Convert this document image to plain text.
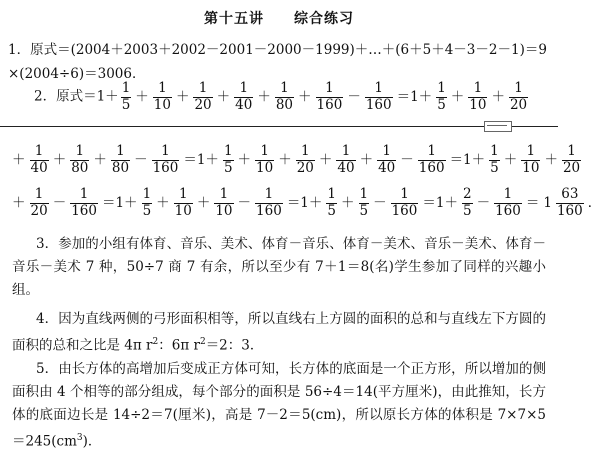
第十五讲 综合练习
1．原式＝(2004＋2003＋2002－2001－2000－1999)＋…＋(6＋5＋4－3－2－1)＝9
×(2004÷6)＝3006．
2．原式$=1+ \frac{1}{5} + \frac{1}{10} + \frac{1}{20} + \frac{1}{40} + \frac{1}{80} + \frac{1}{160} - \frac{1}{160} =1+ \frac{1}{5} + \frac{1}{10} + \frac{1}{20}$
＋ $\frac{1}{40} + \frac{1}{80} + \frac{1}{80} - \frac{1}{160} =1+ \frac{1}{5} + \frac{1}{10} + \frac{1}{20} + \frac{1}{40} + \frac{1}{40} - \frac{1}{160} =1+ \frac{1}{5} + \frac{1}{10} + \frac{1}{20}$
＋ $\frac{1}{20} - \frac{1}{160} =1+ \frac{1}{5} + \frac{1}{10} + \frac{1}{10} - \frac{1}{160} =1+ \frac{1}{5} + \frac{1}{5} - \frac{1}{160} =1+ \frac{2}{5} - \frac{1}{160} = 1 \frac{63}{160}$ ．
3．参加的小组有体育、音乐、美术、体育－音乐、体育－美术、音乐－美术、体育－音乐－美术 7 种，50÷7 商 7 有余，所以至少有 7＋1＝8(名)学生参加了同样的兴趣小组。
4．因为直线两侧的弓形面积相等，所以直线右上方圆的面积的总和与直线左下方圆的面积的总和之比是 4π $r^2$：6π $r^2=2$：3．
5．由长方体的高增加后变成正方体可知，长方体的底面是一个正方形，所以增加的侧面积由 4 个相等的部分组成，每个部分的面积是 56÷4＝14(平方厘米)，由此推知，长方体的底面边长是 14÷2＝7(厘米)，高是 7－2＝5(cm)，所以原长方体的体积是 $7\times 7\times 5=245(cm^3)$．
